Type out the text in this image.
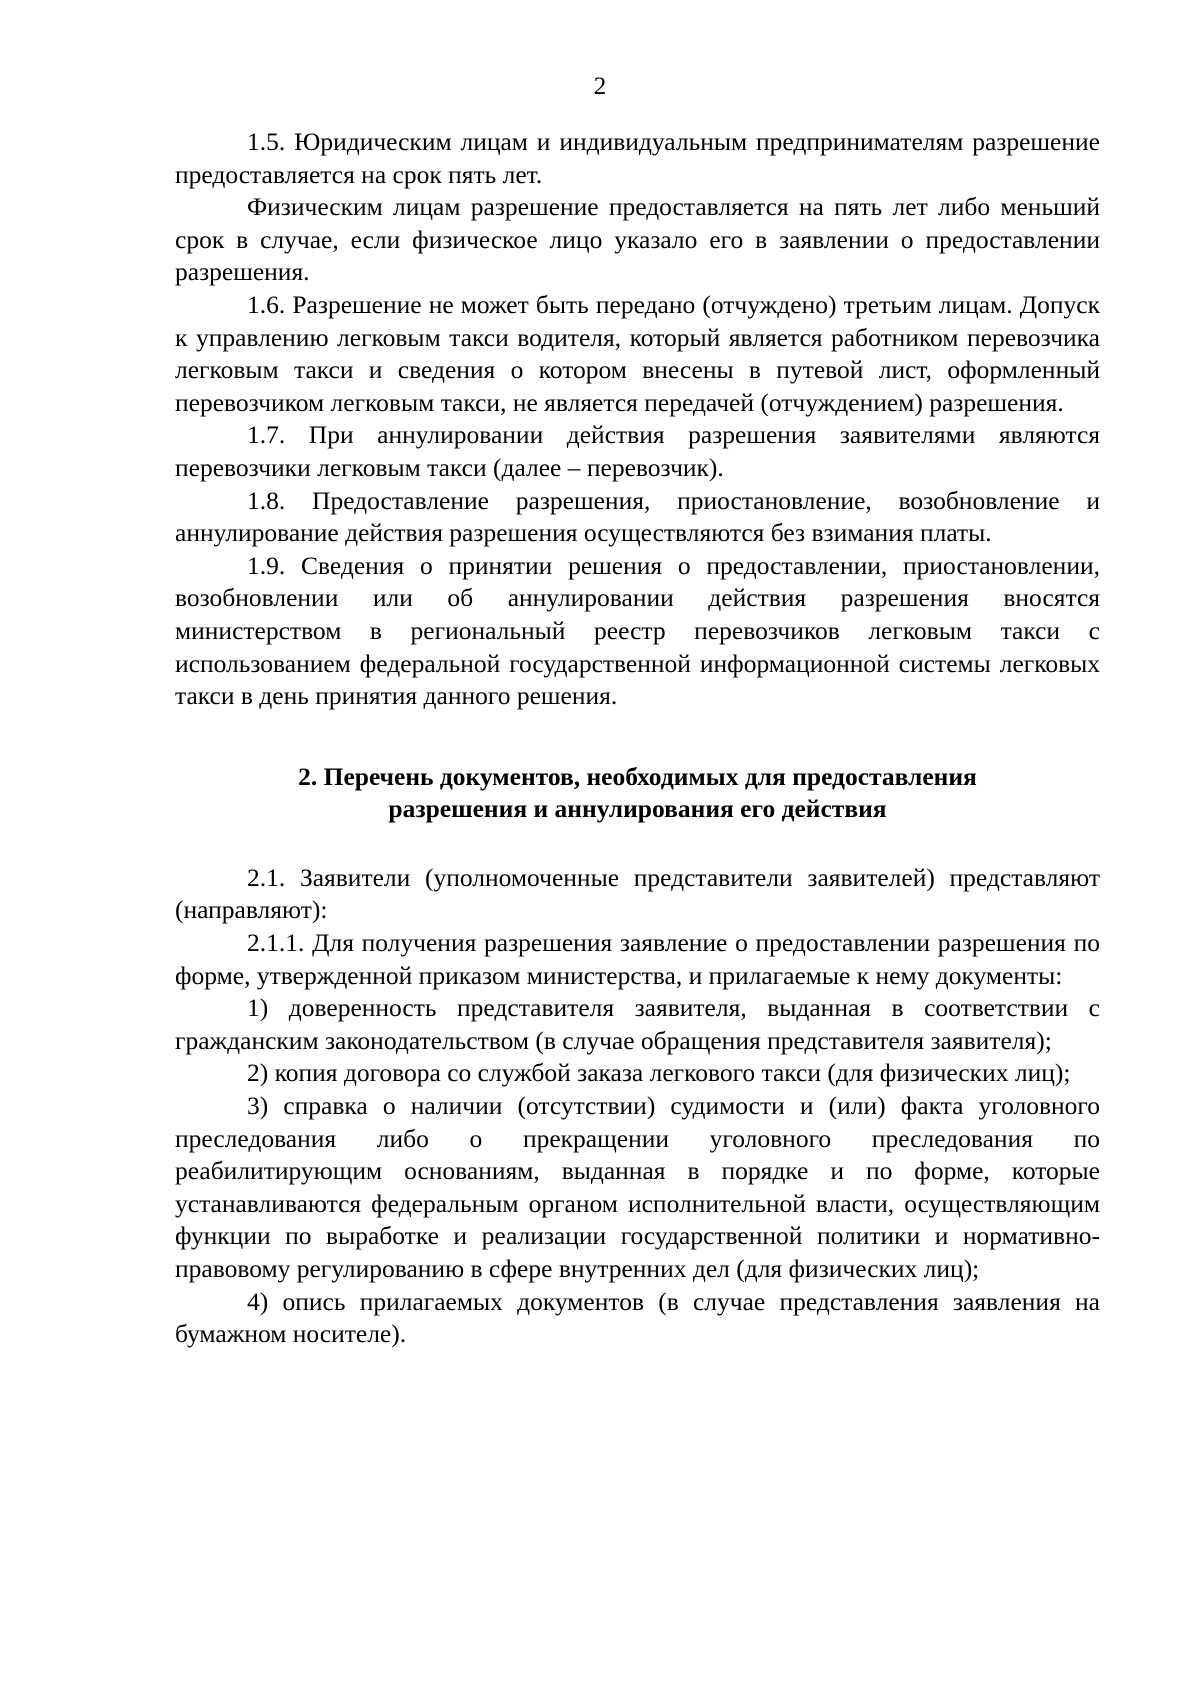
2

1.5. Юридическим лицам и индивидуальным предпринимателям разрешение предоставляется на срок пять лет.

Физическим лицам разрешение предоставляется на пять лет либо меньший срок в случае, если физическое лицо указало его в заявлении о предоставлении разрешения.

1.6. Разрешение не может быть передано (отчуждено) третьим лицам. Допуск к управлению легковым такси водителя, который является работником перевозчика легковым такси и сведения о котором внесены в путевой лист, оформленный перевозчиком легковым такси, не является передачей (отчуждением) разрешения.

1.7. При аннулировании действия разрешения заявителями являются перевозчики легковым такси (далее – перевозчик).

1.8. Предоставление разрешения, приостановление, возобновление и аннулирование действия разрешения осуществляются без взимания платы.

1.9. Сведения о принятии решения о предоставлении, приостановлении, возобновлении или об аннулировании действия разрешения вносятся министерством в региональный реестр перевозчиков легковым такси с использованием федеральной государственной информационной системы легковых такси в день принятия данного решения.

2. Перечень документов, необходимых для предоставления
разрешения и аннулирования его действия

2.1. Заявители (уполномоченные представители заявителей) представляют (направляют):

2.1.1. Для получения разрешения заявление о предоставлении разрешения по форме, утвержденной приказом министерства, и прилагаемые к нему документы:

1) доверенность представителя заявителя, выданная в соответствии с гражданским законодательством (в случае обращения представителя заявителя);

2) копия договора со службой заказа легкового такси (для физических лиц);

3) справка о наличии (отсутствии) судимости и (или) факта уголовного преследования либо о прекращении уголовного преследования по реабилитирующим основаниям, выданная в порядке и по форме, которые устанавливаются федеральным органом исполнительной власти, осуществляющим функции по выработке и реализации государственной политики и нормативно-правовому регулированию в сфере внутренних дел (для физических лиц);

4) опись прилагаемых документов (в случае представления заявления на бумажном носителе).
